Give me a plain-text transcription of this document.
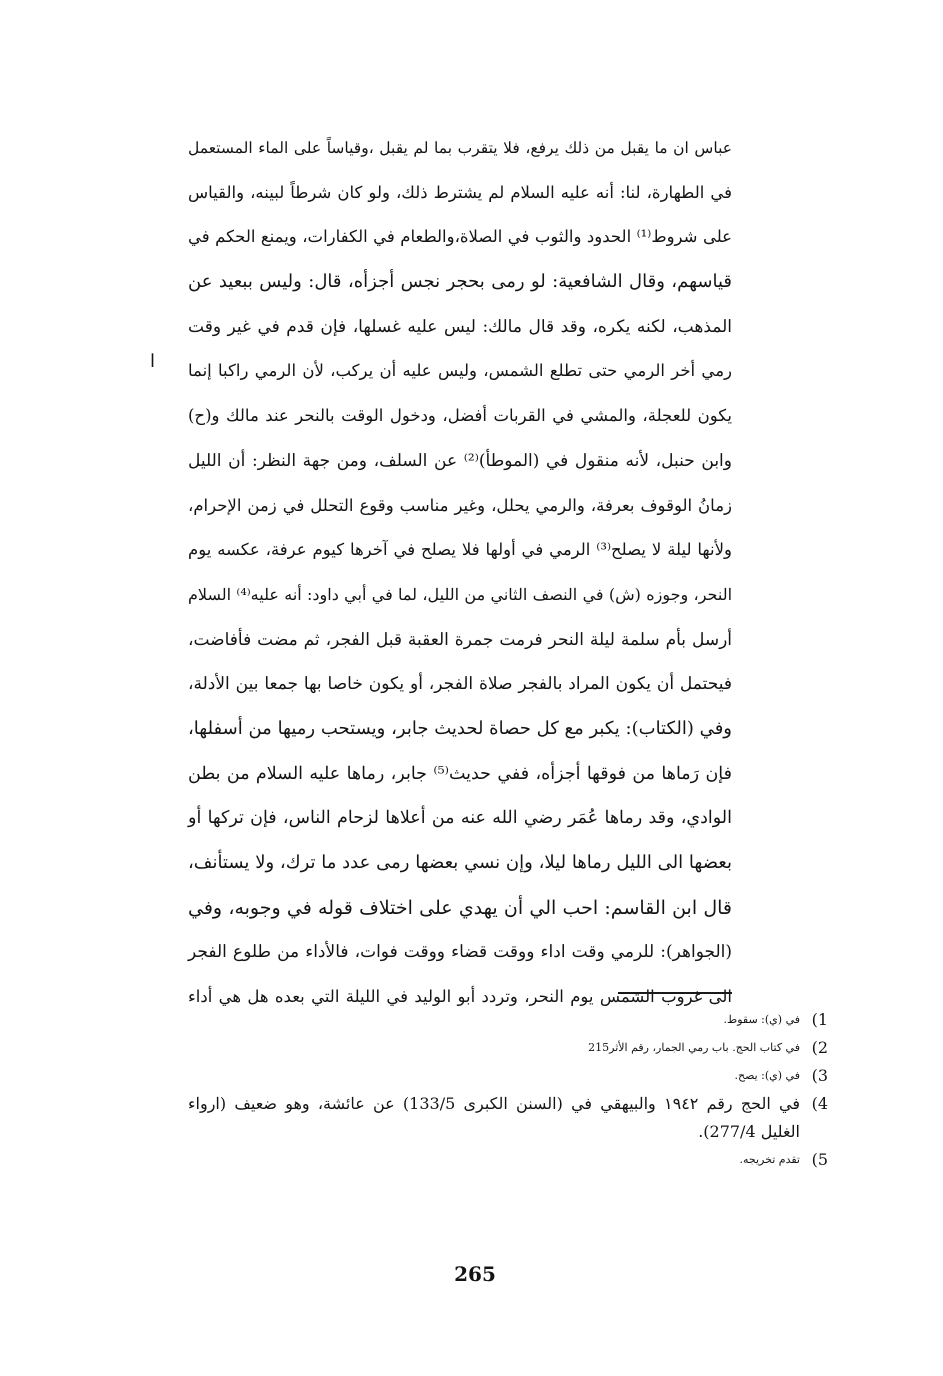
عباس ان ما يقبل من ذلك يرفع، فلا يتقرب بما لم يقبل ،وقياساً على الماء المستعمل
في الطهارة، لنا: أنه عليه السلام لم يشترط ذلك، ولو كان شرطاً لبينه، والقياس
على شروط⁽¹⁾ الحدود والثوب في الصلاة،والطعام في الكفارات، ويمنع الحكم في
قياسهم، وقال الشافعية: لو رمى بحجر نجس أجزأه، قال: وليس ببعيد عن
المذهب، لكنه يكره، وقد قال مالك: ليس عليه غسلها، فإن قدم في غير وقت
رمي أخر الرمي حتى تطلع الشمس، وليس عليه أن يركب، لأن الرمي راكبا إنما
يكون للعجلة، والمشي في القربات أفضل، ودخول الوقت بالنحر عند مالك و(ح)
وابن حنبل، لأنه منقول في (الموطأ)⁽²⁾ عن السلف، ومن جهة النظر: أن الليل
زمانُ الوقوف بعرفة، والرمي يحلل، وغير مناسب وقوع التحلل في زمن الإحرام،
ولأنها ليلة لا يصلح⁽³⁾ الرمي في أولها فلا يصلح في آخرها كيوم عرفة، عكسه يوم
النحر، وجوزه (ش) في النصف الثاني من الليل، لما في أبي داود: أنه عليه⁽⁴⁾ السلام
أرسل بأم سلمة ليلة النحر فرمت جمرة العقبة قبل الفجر، ثم مضت فأفاضت،
فيحتمل أن يكون المراد بالفجر صلاة الفجر، أو يكون خاصا بها جمعا بين الأدلة،
وفي (الكتاب): يكبر مع كل حصاة لحديث جابر، ويستحب رميها من أسفلها،
فإن رَماها من فوقها أجزأه، ففي حديث⁽⁵⁾ جابر، رماها عليه السلام من بطن
الوادي، وقد رماها عُمَر رضي الله عنه من أعلاها لزحام الناس، فإن تركها أو
بعضها الى الليل رماها ليلا، وإن نسي بعضها رمى عدد ما ترك، ولا يستأنف،
قال ابن القاسم: احب الي أن يهدي على اختلاف قوله في وجوبه، وفي
(الجواهر): للرمي وقت اداء ووقت قضاء ووقت فوات، فالأداء من طلوع الفجر
الى غروب الشمس يوم النحر، وتردد أبو الوليد في الليلة التي بعده هل هي أداء
ا
1)
في (ي): سقوط.
2)
في كتاب الحج. باب رمي الجمار، رقم الأثر215
3)
في (ي): يصح.
4)
في الحج رقم ١٩٤٢ والبيهقي في (السنن الكبرى 133/5) عن عائشة، وهو ضعيف (ارواء الغليل 277/4).
5)
تقدم تخريجه.
265
